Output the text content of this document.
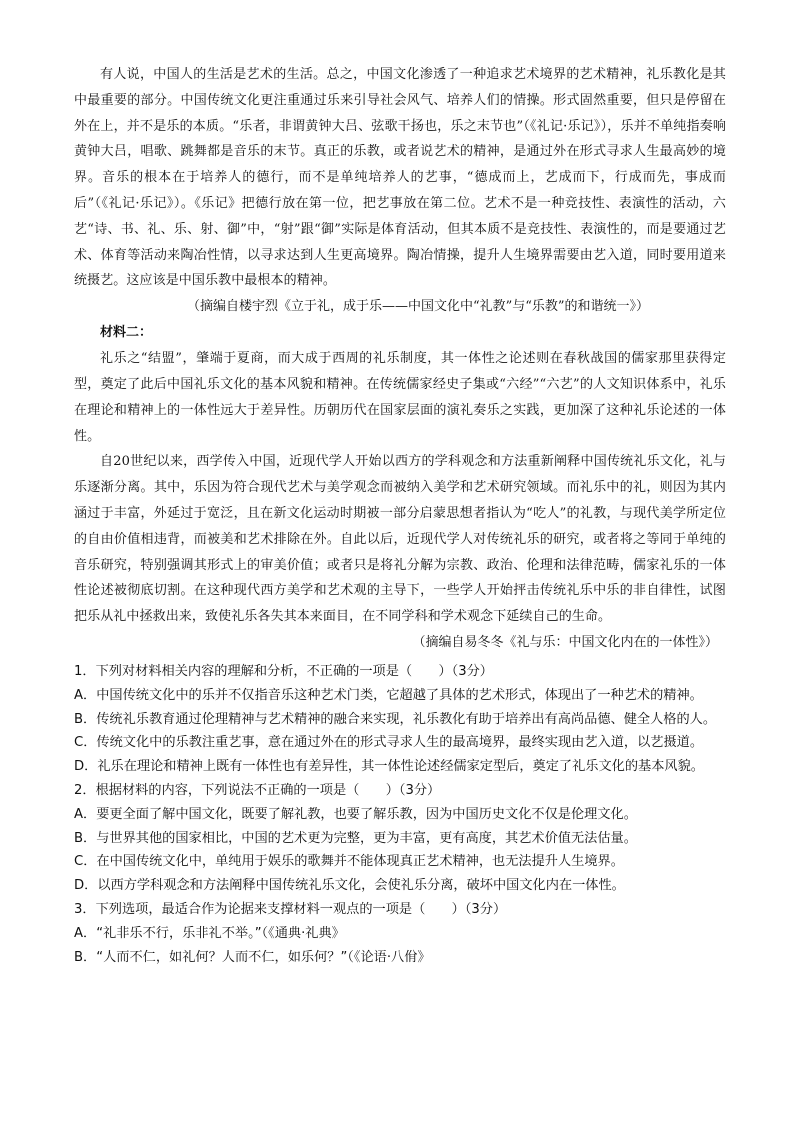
有人说，中国人的生活是艺术的生活。总之，中国文化渗透了一种追求艺术境界的艺术精神，礼乐教化是其中最重要的部分。中国传统文化更注重通过乐来引导社会风气、培养人们的情操。形式固然重要，但只是停留在外在上，并不是乐的本质。“乐者，非谓黄钟大吕、弦歌干扬也，乐之末节也”（《礼记·乐记》），乐并不单纯指奏响黄钟大吕，唱歌、跳舞都是音乐的末节。真正的乐教，或者说艺术的精神，是通过外在形式寻求人生最高妙的境界。音乐的根本在于培养人的德行，而不是单纯培养人的艺事，“德成而上，艺成而下，行成而先，事成而后”（《礼记·乐记》）。《乐记》把德行放在第一位，把艺事放在第二位。艺术不是一种竞技性、表演性的活动，六艺“诗、书、礼、乐、射、御”中，“射”跟“御”实际是体育活动，但其本质不是竞技性、表演性的，而是要通过艺术、体育等活动来陶冶性情，以寻求达到人生更高境界。陶冶情操，提升人生境界需要由艺入道，同时要用道来统摄艺。这应该是中国乐教中最根本的精神。

（摘编自楼宇烈《立于礼，成于乐——中国文化中“礼教”与“乐教”的和谐统一》）

材料二：

礼乐之“结盟”，肇端于夏商，而大成于西周的礼乐制度，其一体性之论述则在春秋战国的儒家那里获得定型，奠定了此后中国礼乐文化的基本风貌和精神。在传统儒家经史子集或“六经”“六艺”的人文知识体系中，礼乐在理论和精神上的一体性远大于差异性。历朝历代在国家层面的演礼奏乐之实践，更加深了这种礼乐论述的一体性。

自20世纪以来，西学传入中国，近现代学人开始以西方的学科观念和方法重新阐释中国传统礼乐文化，礼与乐逐渐分离。其中，乐因为符合现代艺术与美学观念而被纳入美学和艺术研究领域。而礼乐中的礼，则因为其内涵过于丰富，外延过于宽泛，且在新文化运动时期被一部分启蒙思想者指认为“吃人”的礼教，与现代美学所定位的自由价值相违背，而被美和艺术排除在外。自此以后，近现代学人对传统礼乐的研究，或者将之等同于单纯的音乐研究，特别强调其形式上的审美价值；或者只是将礼分解为宗教、政治、伦理和法律范畴，儒家礼乐的一体性论述被彻底切割。在这种现代西方美学和艺术观的主导下，一些学人开始抨击传统礼乐中乐的非自律性，试图把乐从礼中拯救出来，致使礼乐各失其本来面目，在不同学科和学术观念下延续自己的生命。

（摘编自易冬冬《礼与乐：中国文化内在的一体性》）

1．下列对材料相关内容的理解和分析，不正确的一项是（　　）（3分）

A．中国传统文化中的乐并不仅指音乐这种艺术门类，它超越了具体的艺术形式，体现出了一种艺术的精神。

B．传统礼乐教育通过伦理精神与艺术精神的融合来实现，礼乐教化有助于培养出有高尚品德、健全人格的人。

C．传统文化中的乐教注重艺事，意在通过外在的形式寻求人生的最高境界，最终实现由艺入道，以艺摄道。

D．礼乐在理论和精神上既有一体性也有差异性，其一体性论述经儒家定型后，奠定了礼乐文化的基本风貌。

2．根据材料的内容，下列说法不正确的一项是（　　）（3分）

A．要更全面了解中国文化，既要了解礼教，也要了解乐教，因为中国历史文化不仅是伦理文化。

B．与世界其他的国家相比，中国的艺术更为完整，更为丰富，更有高度，其艺术价值无法估量。

C．在中国传统文化中，单纯用于娱乐的歌舞并不能体现真正艺术精神，也无法提升人生境界。

D．以西方学科观念和方法阐释中国传统礼乐文化，会使礼乐分离，破坏中国文化内在一体性。

3．下列选项，最适合作为论据来支撑材料一观点的一项是（　　）（3分）

A．“礼非乐不行，乐非礼不举。”（《通典·礼典》

B．“人而不仁，如礼何？人而不仁，如乐何？”（《论语·八佾》
